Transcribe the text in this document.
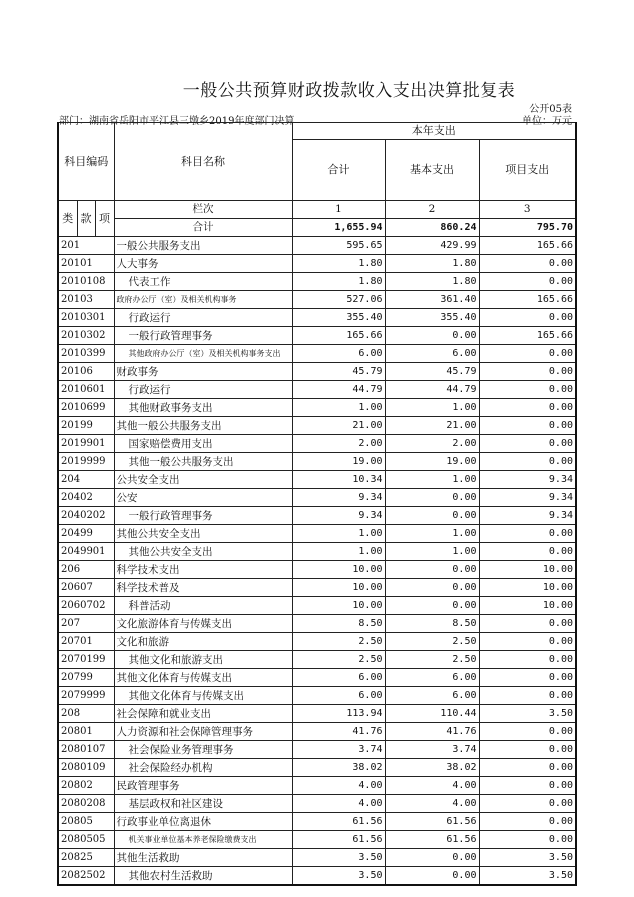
一般公共预算财政拨款收入支出决算批复表
公开05表
部门：湖南省岳阳市平江县三墩乡2019年度部门决算	单位：万元
科目编码			科目名称	本年支出		
				合计	基本支出	项目支出
类	款	项	栏次	1	2	3
			合计	1,655.94	860.24	795.70
201			一般公共服务支出	595.65	429.99	165.66
20101			人大事务	1.80	1.80	0.00
2010108			代表工作	1.80	1.80	0.00
20103			政府办公厅（室）及相关机构事务	527.06	361.40	165.66
2010301			行政运行	355.40	355.40	0.00
2010302			一般行政管理事务	165.66	0.00	165.66
2010399			其他政府办公厅（室）及相关机构事务支出	6.00	6.00	0.00
20106			财政事务	45.79	45.79	0.00
2010601			行政运行	44.79	44.79	0.00
2010699			其他财政事务支出	1.00	1.00	0.00
20199			其他一般公共服务支出	21.00	21.00	0.00
2019901			国家赔偿费用支出	2.00	2.00	0.00
2019999			其他一般公共服务支出	19.00	19.00	0.00
204			公共安全支出	10.34	1.00	9.34
20402			公安	9.34	0.00	9.34
2040202			一般行政管理事务	9.34	0.00	9.34
20499			其他公共安全支出	1.00	1.00	0.00
2049901			其他公共安全支出	1.00	1.00	0.00
206			科学技术支出	10.00	0.00	10.00
20607			科学技术普及	10.00	0.00	10.00
2060702			科普活动	10.00	0.00	10.00
207			文化旅游体育与传媒支出	8.50	8.50	0.00
20701			文化和旅游	2.50	2.50	0.00
2070199			其他文化和旅游支出	2.50	2.50	0.00
20799			其他文化体育与传媒支出	6.00	6.00	0.00
2079999			其他文化体育与传媒支出	6.00	6.00	0.00
208			社会保障和就业支出	113.94	110.44	3.50
20801			人力资源和社会保障管理事务	41.76	41.76	0.00
2080107			社会保险业务管理事务	3.74	3.74	0.00
2080109			社会保险经办机构	38.02	38.02	0.00
20802			民政管理事务	4.00	4.00	0.00
2080208			基层政权和社区建设	4.00	4.00	0.00
20805			行政事业单位离退休	61.56	61.56	0.00
2080505			机关事业单位基本养老保险缴费支出	61.56	61.56	0.00
20825			其他生活救助	3.50	0.00	3.50
2082502			其他农村生活救助	3.50	0.00	3.50
